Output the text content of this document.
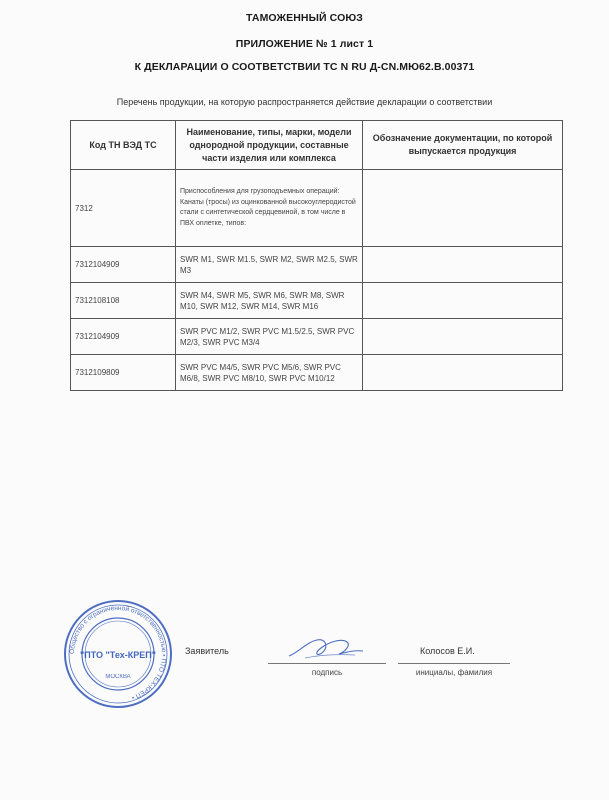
ТАМОЖЕННЫЙ СОЮЗ
ПРИЛОЖЕНИЕ № 1 лист 1
К ДЕКЛАРАЦИИ О СООТВЕТСТВИИ ТС N RU Д-CN.МЮ62.В.00371
Перечень продукции, на которую распространяется действие декларации о соответствии
Код ТН ВЭД ТС	Наименование, типы, марки, модели однородной продукции, составные части изделия или комплекса	Обозначение документации, по которой выпускается продукция
7312	Приспособления для грузоподъемных операций: Канаты (тросы) из оцинкованной высокоуглеродистой стали с синтетической сердцевиной, в том числе в ПВХ оплетке, типов:	
7312104909	SWR M1, SWR M1.5, SWR M2, SWR M2.5, SWR M3	
7312108108	SWR M4, SWR M5, SWR M6, SWR M8, SWR M10, SWR M12, SWR M14, SWR M16	
7312104909	SWR PVC M1/2, SWR PVC M1.5/2.5, SWR PVC M2/3, SWR PVC M3/4	
7312109809	SWR PVC M4/5, SWR PVC M5/6, SWR PVC M6/8, SWR PVC M8/10, SWR PVC M10/12	
Общество с ограниченной ответственностью • ПТО ТЕХ-КРЕП •
"ПТО "Тех-КРЕП"
МОСКВА
Заявитель
подпись
Колосов Е.И.
инициалы, фамилия
